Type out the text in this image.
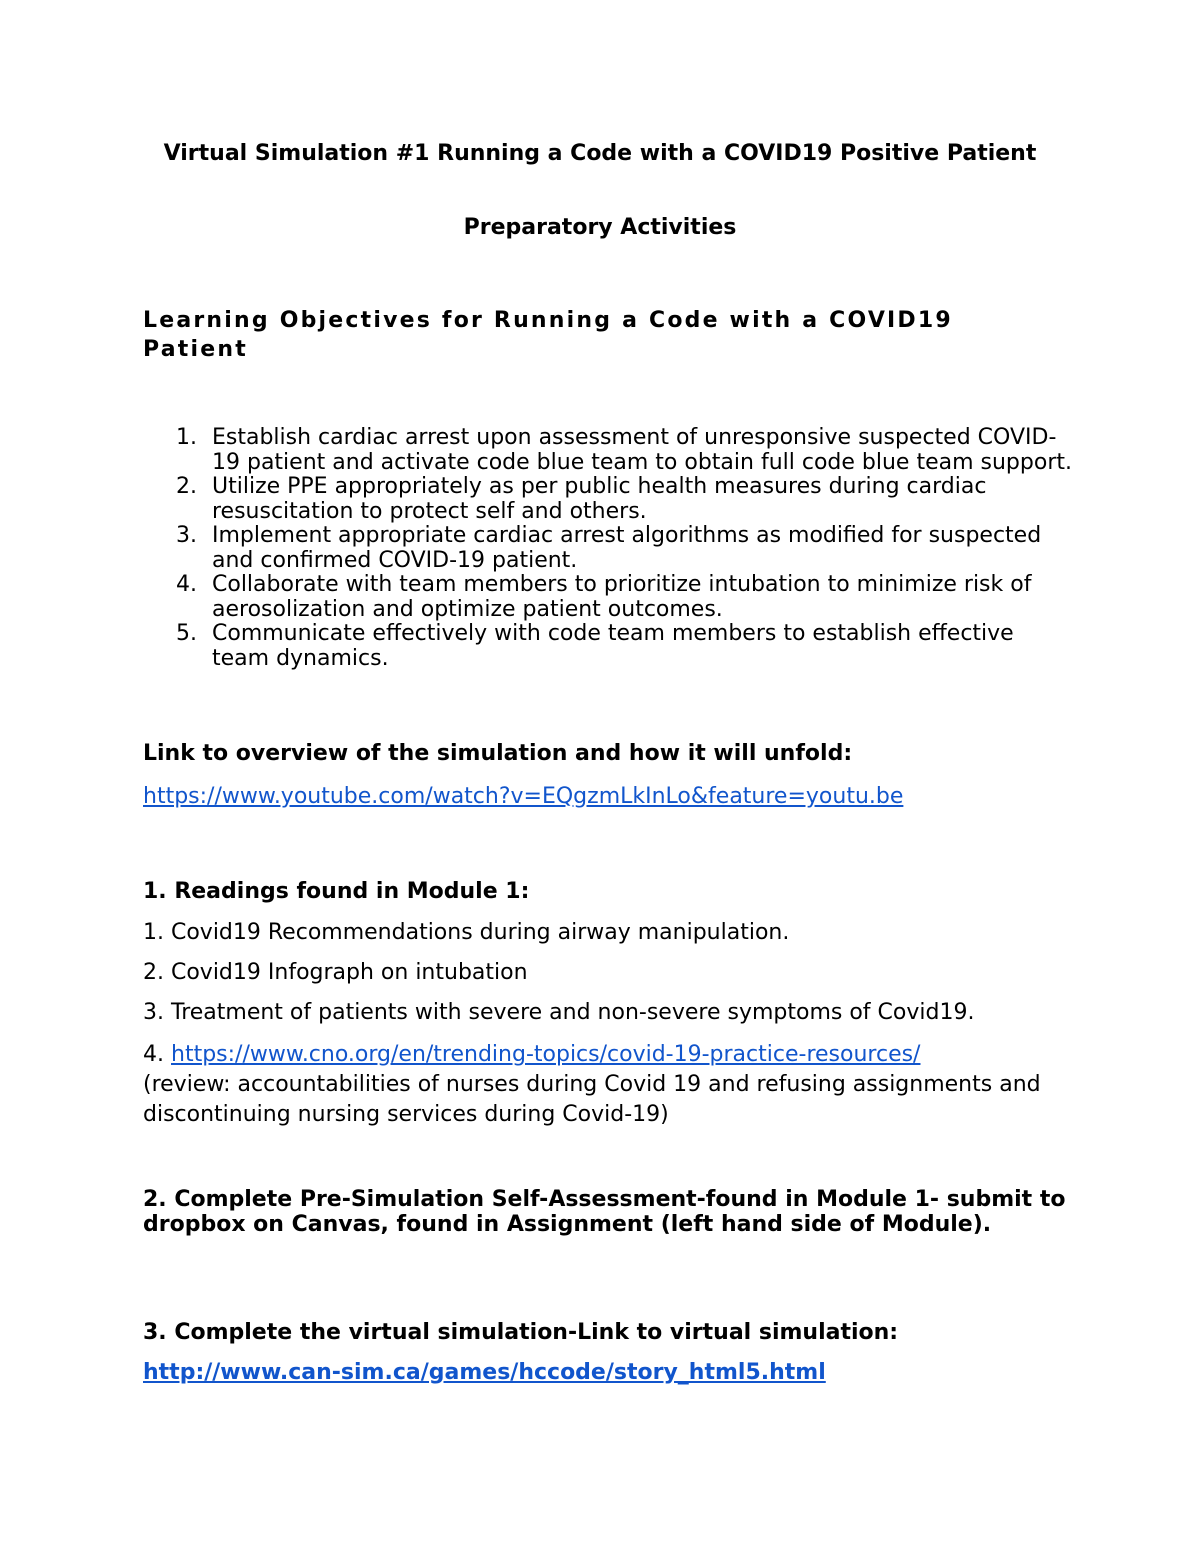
Virtual Simulation #1 Running a Code with a COVID19 Positive Patient
Preparatory Activities
Learning Objectives for Running a Code with a COVID19 Patient
1. Establish cardiac arrest upon assessment of unresponsive suspected COVID-19 patient and activate code blue team to obtain full code blue team support.
2. Utilize PPE appropriately as per public health measures during cardiac resuscitation to protect self and others.
3. Implement appropriate cardiac arrest algorithms as modified for suspected and confirmed COVID-19 patient.
4. Collaborate with team members to prioritize intubation to minimize risk of aerosolization and optimize patient outcomes.
5. Communicate effectively with code team members to establish effective team dynamics.
Link to overview of the simulation and how it will unfold:
https://www.youtube.com/watch?v=EQgzmLkInLo&feature=youtu.be
1. Readings found in Module 1:
1. Covid19 Recommendations during airway manipulation.
2. Covid19 Infograph on intubation
3. Treatment of patients with severe and non-severe symptoms of Covid19.
4. https://www.cno.org/en/trending-topics/covid-19-practice-resources/
(review: accountabilities of nurses during Covid 19 and refusing assignments and discontinuing nursing services during Covid-19)
2. Complete Pre-Simulation Self-Assessment-found in Module 1- submit to dropbox on Canvas, found in Assignment (left hand side of Module).
3. Complete the virtual simulation-Link to virtual simulation:
http://www.can-sim.ca/games/hccode/story_html5.html
